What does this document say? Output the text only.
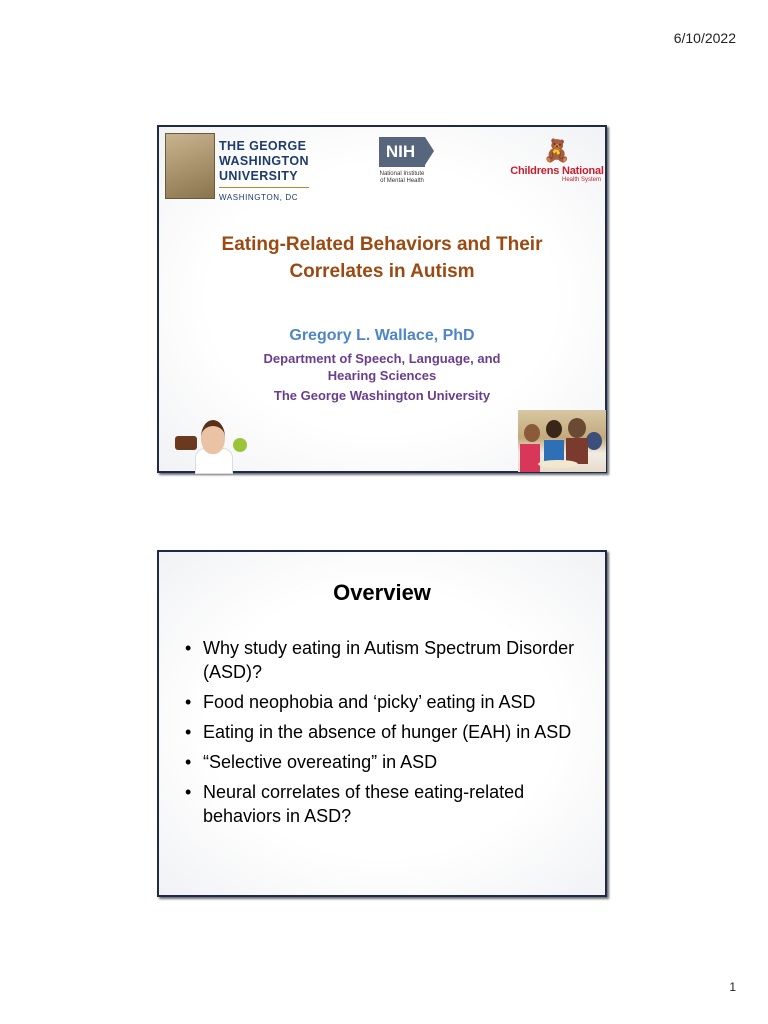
6/10/2022
THE GEORGE
WASHINGTON
UNIVERSITY
WASHINGTON, DC
NIH
National Institute
of Mental Health
🧸
Childrens National
Health System
Eating-Related Behaviors and Their
Correlates in Autism

Gregory L. Wallace, PhD

Department of Speech, Language, and
Hearing Sciences
The George Washington University
Overview
• Why study eating in Autism Spectrum Disorder (ASD)?
• Food neophobia and ‘picky’ eating in ASD
• Eating in the absence of hunger (EAH) in ASD
• “Selective overeating” in ASD
• Neural correlates of these eating-related behaviors in ASD?
1
